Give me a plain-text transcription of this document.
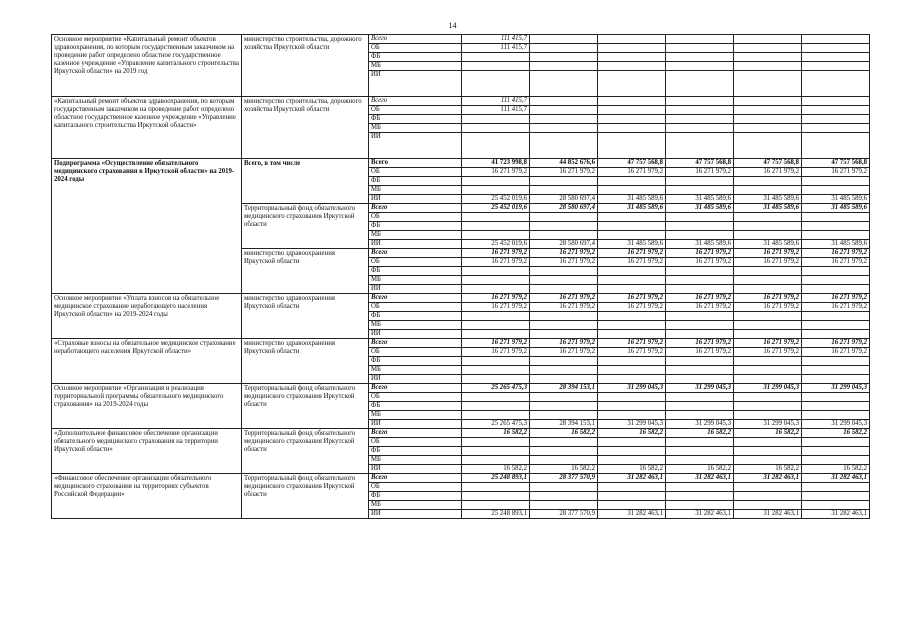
14
Основное мероприятие «Капитальный ремонт объектов здравоохранения, по которым государственным заказчиком на проведение работ определено областное государственное казенное учреждение «Управление капитального строительства Иркутской области» на 2019 год	министерство строительства, дорожного хозяйства Иркутской области	Всего	111 415,7					
		ОБ	111 415,7					
		ФБ						
		МБ						
		ИИ						
«Капитальный ремонт объектов здравоохранения, по которым государственным заказчиком на проведение работ определено областное государственное казенное учреждение «Управление капитального строительства Иркутской области»	министерство строительства, дорожного хозяйства Иркутской области	Всего	111 415,7					
		ОБ	111 415,7					
		ФБ						
		МБ						
		ИИ						
Подпрограмма «Осуществление обязательного медицинского страхования в Иркутской области» на 2019-2024 годы	Всего, в том числе	Всего	41 723 998,8	44 852 676,6	47 757 568,8	47 757 568,8	47 757 568,8	47 757 568,8
		ОБ	16 271 979,2	16 271 979,2	16 271 979,2	16 271 979,2	16 271 979,2	16 271 979,2
		ФБ						
		МБ						
		ИИ	25 452 019,6	28 580 697,4	31 485 589,6	31 485 589,6	31 485 589,6	31 485 589,6
	Территориальный фонд обязательного медицинского страхования Иркутской области	Всего	25 452 019,6	28 580 697,4	31 485 589,6	31 485 589,6	31 485 589,6	31 485 589,6
		ОБ						
		ФБ						
		МБ						
		ИИ	25 452 019,6	28 580 697,4	31 485 589,6	31 485 589,6	31 485 589,6	31 485 589,6
	министерство здравоохранения Иркутской области	Всего	16 271 979,2	16 271 979,2	16 271 979,2	16 271 979,2	16 271 979,2	16 271 979,2
		ОБ	16 271 979,2	16 271 979,2	16 271 979,2	16 271 979,2	16 271 979,2	16 271 979,2
		ФБ						
		МБ						
		ИИ						
Основное мероприятие «Уплата взносов на обязательное медицинское страхование неработающего населения Иркутской области» на 2019-2024 годы	министерство здравоохранения Иркутской области	Всего	16 271 979,2	16 271 979,2	16 271 979,2	16 271 979,2	16 271 979,2	16 271 979,2
		ОБ	16 271 979,2	16 271 979,2	16 271 979,2	16 271 979,2	16 271 979,2	16 271 979,2
		ФБ						
		МБ						
		ИИ						
«Страховые взносы на обязательное медицинское страхование неработающего населения Иркутской области»	министерство здравоохранения Иркутской области	Всего	16 271 979,2	16 271 979,2	16 271 979,2	16 271 979,2	16 271 979,2	16 271 979,2
		ОБ	16 271 979,2	16 271 979,2	16 271 979,2	16 271 979,2	16 271 979,2	16 271 979,2
		ФБ						
		МБ						
		ИИ						
Основное мероприятие «Организация и реализация территориальной программы обязательного медицинского страхования» на 2019-2024 годы	Территориальный фонд обязательного медицинского страхования Иркутской области	Всего	25 265 475,3	28 394 153,1	31 299 045,3	31 299 045,3	31 299 045,3	31 299 045,3
		ОБ						
		ФБ						
		МБ						
		ИИ	25 265 475,3	28 394 153,1	31 299 045,3	31 299 045,3	31 299 045,3	31 299 045,3
«Дополнительное финансовое обеспечение организации обязательного медицинского страхования на территории Иркутской области»	Территориальный фонд обязательного медицинского страхования Иркутской области	Всего	16 582,2	16 582,2	16 582,2	16 582,2	16 582,2	16 582,2
		ОБ						
		ФБ						
		МБ						
		ИИ	16 582,2	16 582,2	16 582,2	16 582,2	16 582,2	16 582,2
«Финансовое обеспечение организации обязательного медицинского страхования на территориях субъектов Российской Федерации»	Территориальный фонд обязательного медицинского страхования Иркутской области	Всего	25 248 893,1	28 377 570,9	31 282 463,1	31 282 463,1	31 282 463,1	31 282 463,1
		ОБ						
		ФБ						
		МБ						
		ИИ	25 248 893,1	28 377 570,9	31 282 463,1	31 282 463,1	31 282 463,1	31 282 463,1
